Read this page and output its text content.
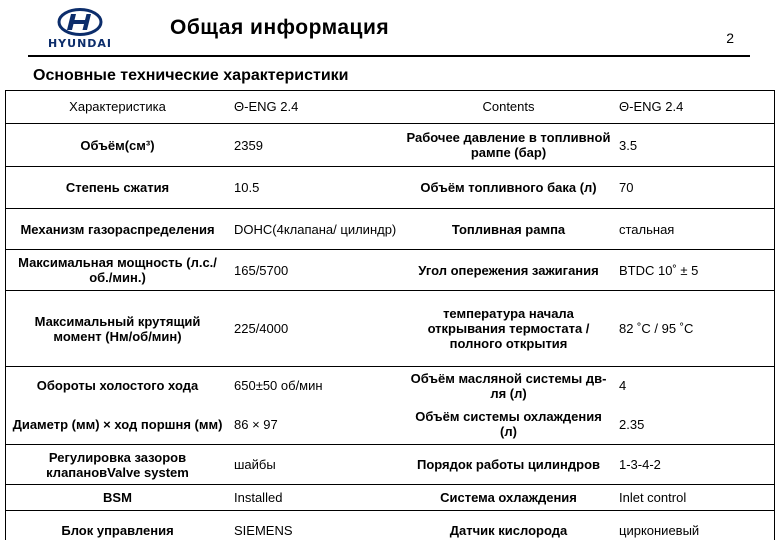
HYUNDAI
Общая информация	2
Основные технические характеристики
Характеристика	Θ-ENG 2.4	Contents	Θ-ENG 2.4
Объём(см³)	2359	Рабочее давление в топливной рампе (бар)	3.5
Степень сжатия	10.5	Объём топливного бака (л)	70
Механизм газораспределения	DOHC(4клапана/ цилиндр)	Топливная рампа	стальная
Максимальная мощность (л.с./об./мин.)	165/5700	Угол опережения зажигания	BTDC 10˚ ± 5
Максимальный крутящий момент (Нм/об/мин)	225/4000	температура начала открывания термостата /полного открытия	82 ˚C / 95 ˚C
Обороты холостого хода	650±50 об/мин	Объём масляной системы дв-ля (л)	4
Диаметр (мм) × ход поршня (мм)	86 × 97	Объём системы охлаждения (л)	2.35
Регулировка зазоров клапановValve system	шайбы	Порядок работы цилиндров	1-3-4-2
BSM	Installed	Система охлаждения	Inlet control
Блок управления	SIEMENS	Датчик кислорода	циркониевый
